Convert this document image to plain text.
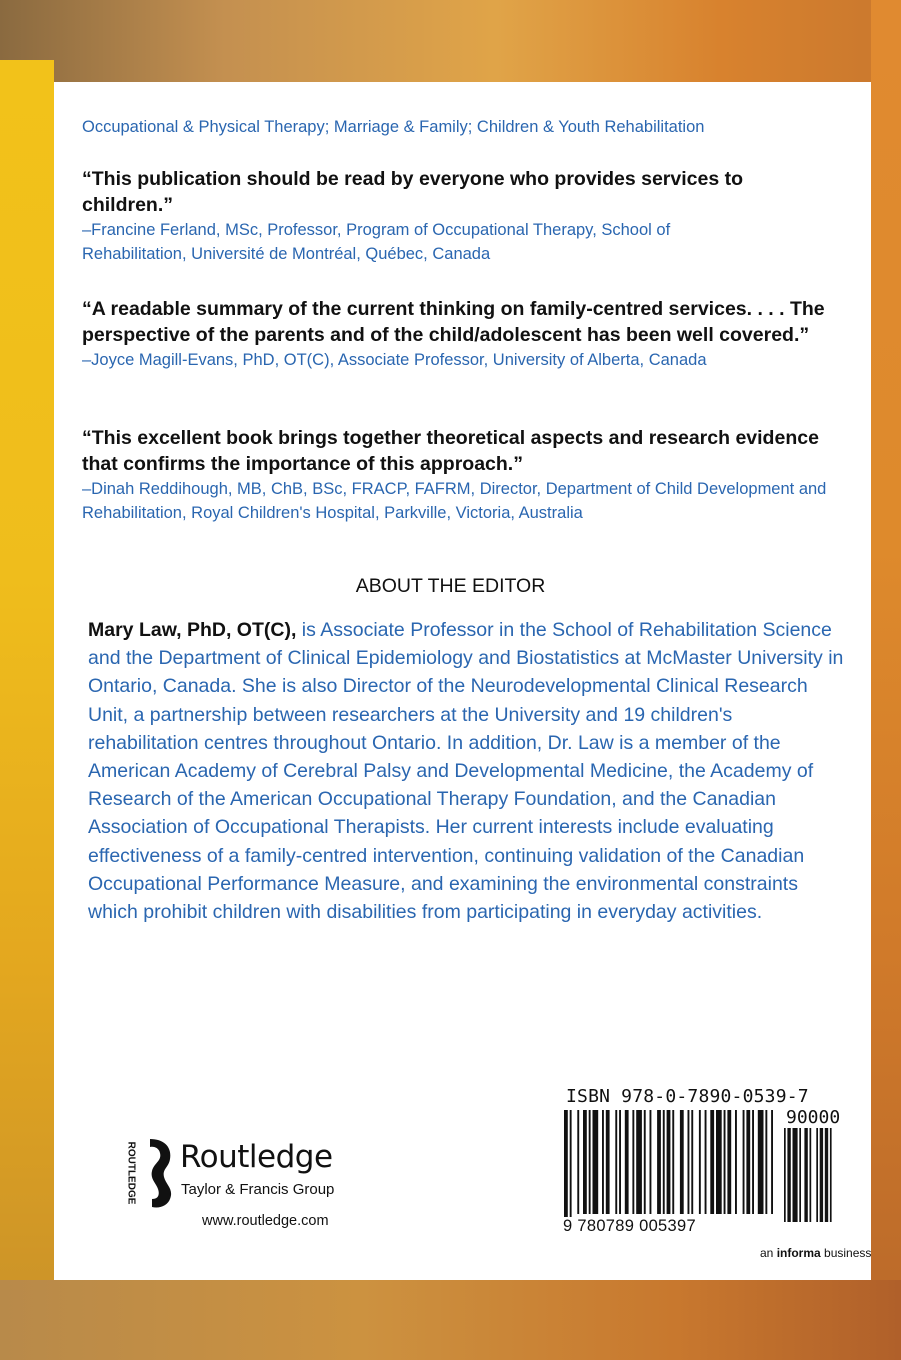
Occupational & Physical Therapy; Marriage & Family; Children & Youth Rehabilitation
“This publication should be read by everyone who provides services to children.”
–Francine Ferland, MSc, Professor, Program of Occupational Therapy, School of Rehabilitation, Université de Montréal, Québec, Canada
“A readable summary of the current thinking on family-centred services. . . . The perspective of the parents and of the child/adolescent has been well covered.”
–Joyce Magill-Evans, PhD, OT(C), Associate Professor, University of Alberta, Canada
“This excellent book brings together theoretical aspects and research evidence that confirms the importance of this approach.”
–Dinah Reddihough, MB, ChB, BSc, FRACP, FAFRM, Director, Department of Child Development and Rehabilitation, Royal Children's Hospital, Parkville, Victoria, Australia
ABOUT THE EDITOR
Mary Law, PhD, OT(C), is Associate Professor in the School of Rehabilitation Science and the Department of Clinical Epidemiology and Biostatistics at McMaster University in Ontario, Canada. She is also Director of the Neurodevelopmental Clinical Research Unit, a partnership between researchers at the University and 19 children's rehabilitation centres throughout Ontario. In addition, Dr. Law is a member of the American Academy of Cerebral Palsy and Developmental Medicine, the Academy of Research of the American Occupational Therapy Foundation, and the Canadian Association of Occupational Therapists. Her current interests include evaluating effectiveness of a family-centred intervention, continuing validation of the Canadian Occupational Performance Measure, and examining the environmental constraints which prohibit children with disabilities from participating in everyday activities.
ROUTLEDGE Routledge
Taylor & Francis Group
www.routledge.com
ISBN 978-0-7890-0539-7
90000
9 780789 005397
an informa business
